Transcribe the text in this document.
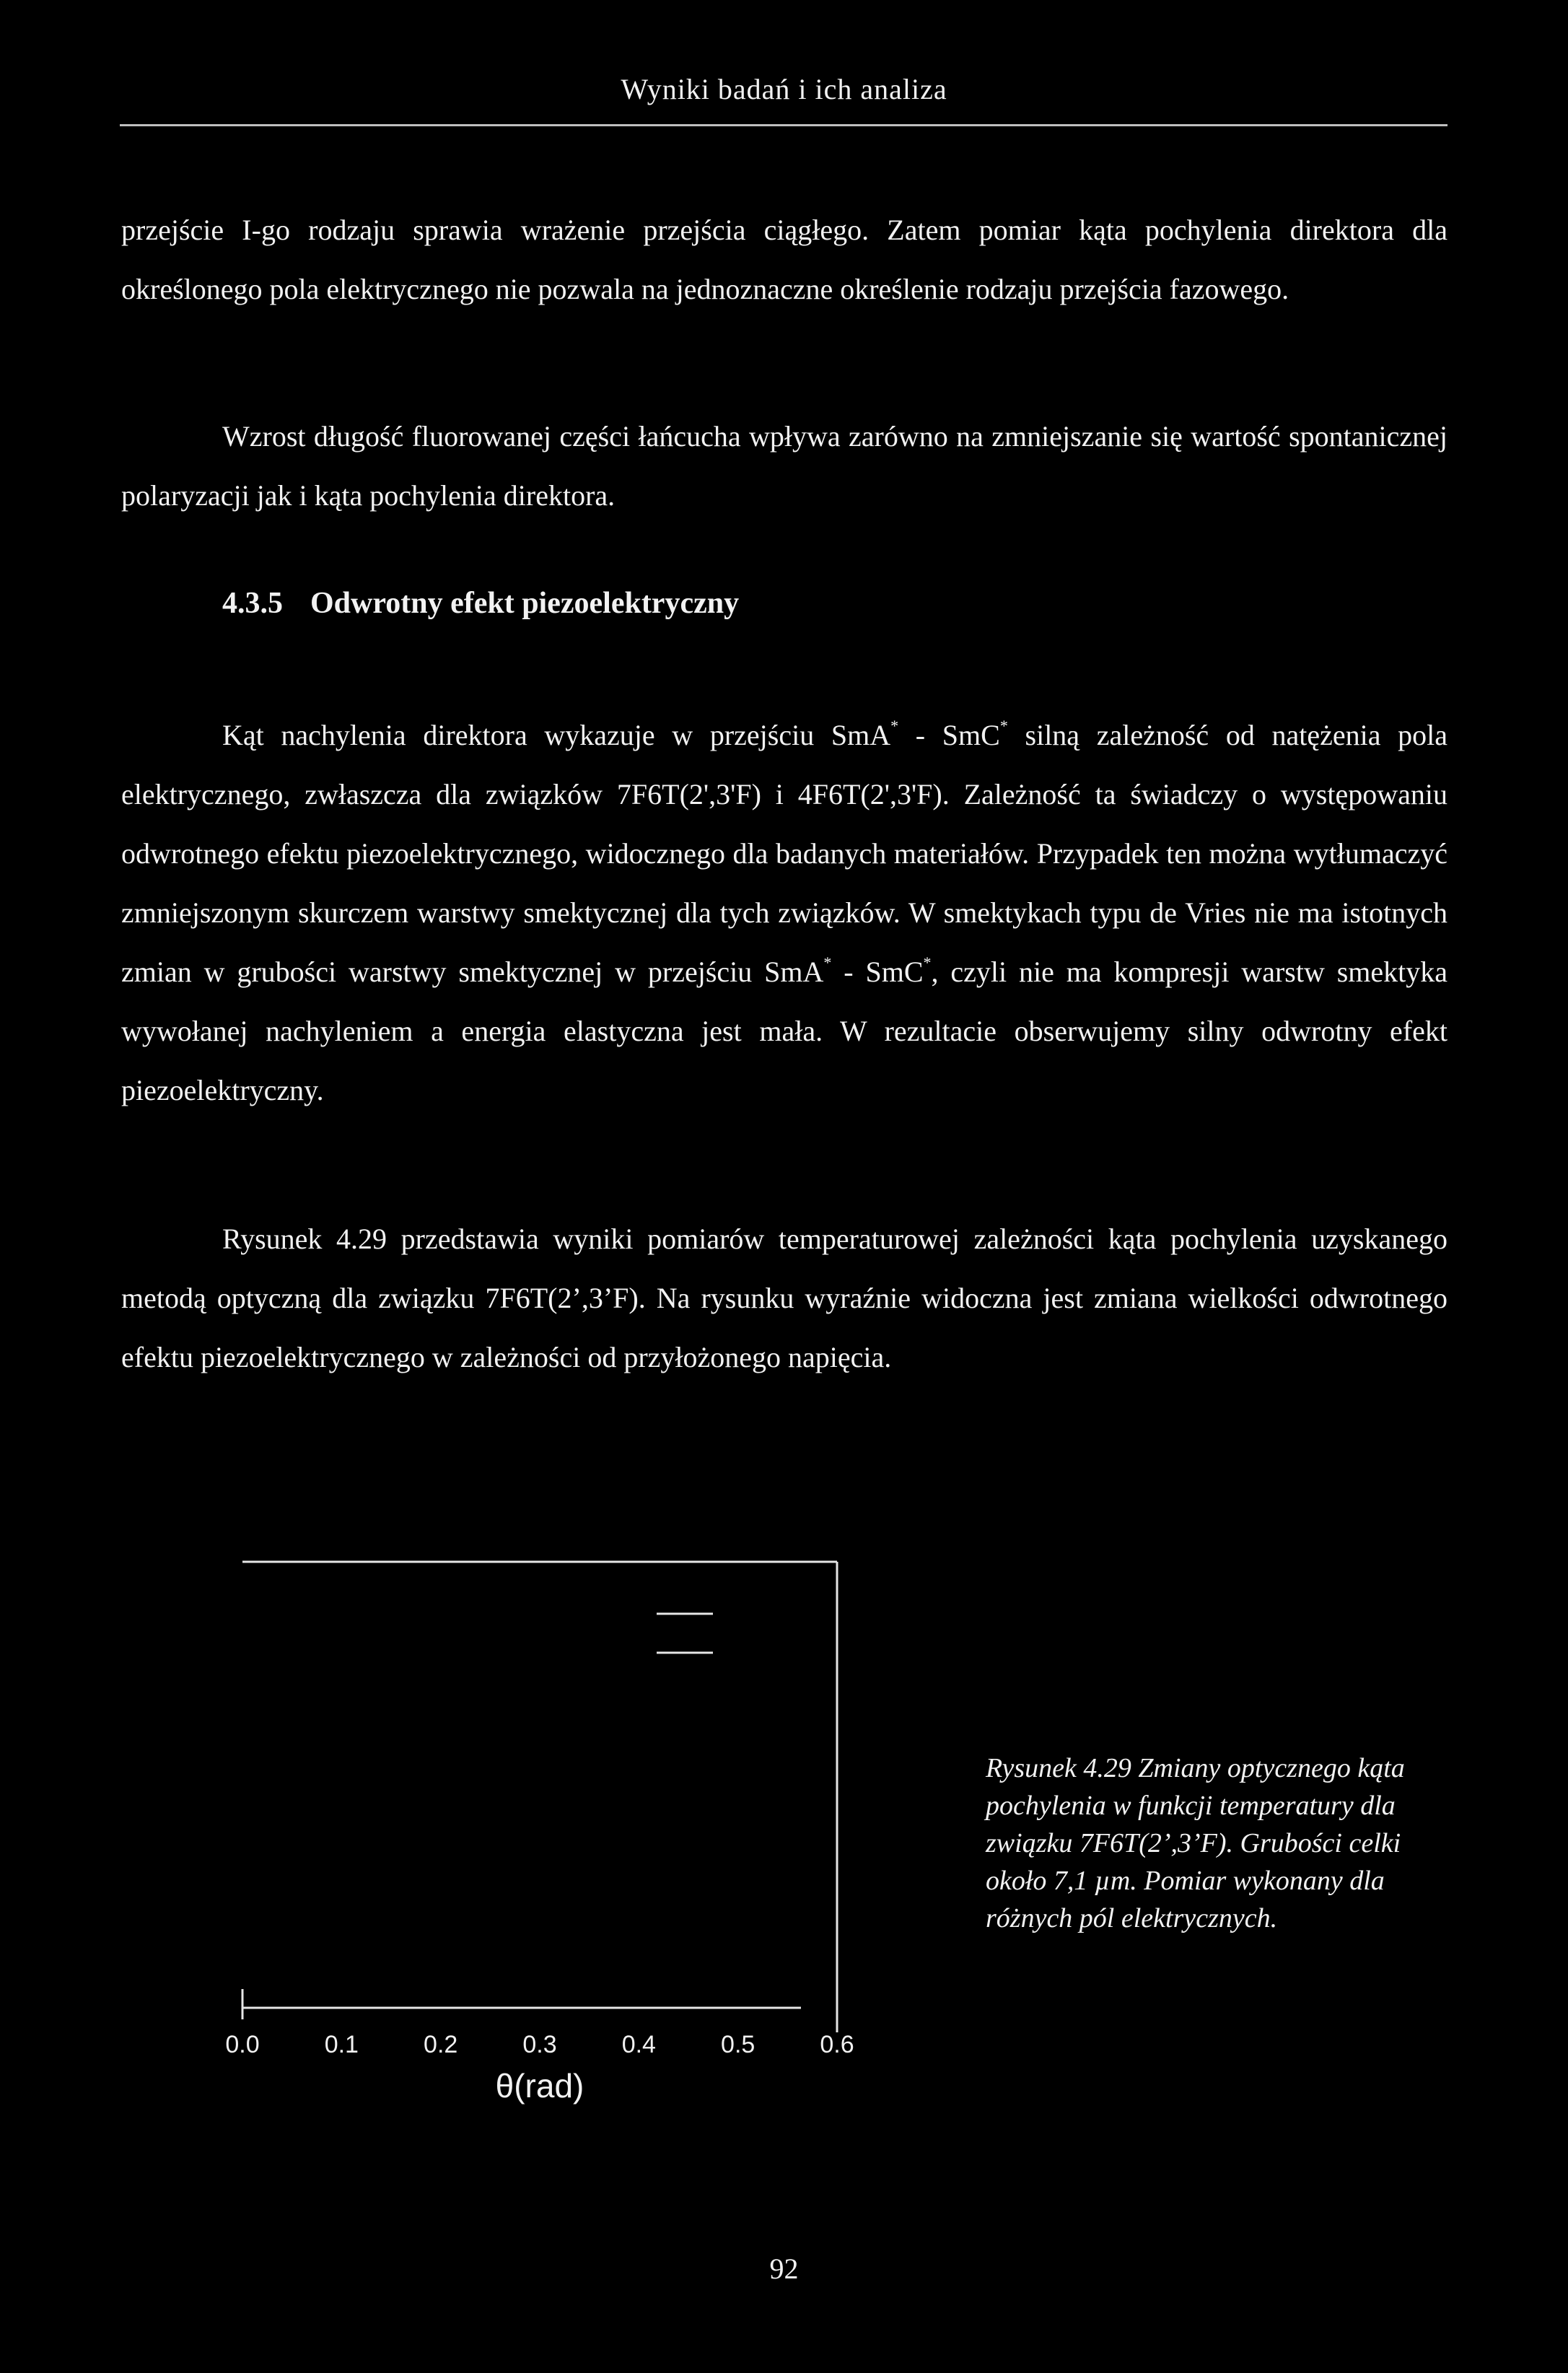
Wyniki badań i ich analiza
przejście I-go rodzaju sprawia wrażenie przejścia ciągłego. Zatem pomiar kąta pochylenia direktora dla określonego pola elektrycznego nie pozwala na jednoznaczne określenie rodzaju przejścia fazowego.
Wzrost długość fluorowanej części łańcucha wpływa zarówno na zmniejszanie się wartość spontanicznej polaryzacji jak i kąta pochylenia direktora.
4.3.5 Odwrotny efekt piezoelektryczny
Kąt nachylenia direktora wykazuje w przejściu SmA* - SmC* silną zależność od natężenia pola elektrycznego, zwłaszcza dla związków 7F6T(2',3'F) i 4F6T(2',3'F). Zależność ta świadczy o występowaniu odwrotnego efektu piezoelektrycznego, widocznego dla badanych materiałów. Przypadek ten można wytłumaczyć zmniejszonym skurczem warstwy smektycznej dla tych związków. W smektykach typu de Vries nie ma istotnych zmian w grubości warstwy smektycznej w przejściu SmA* - SmC*, czyli nie ma kompresji warstw smektyka wywołanej nachyleniem a energia elastyczna jest mała. W rezultacie obserwujemy silny odwrotny efekt piezoelektryczny.
Rysunek 4.29 przedstawia wyniki pomiarów temperaturowej zależności kąta pochylenia uzyskanego metodą optyczną dla związku 7F6T(2’,3’F). Na rysunku wyraźnie widoczna jest zmiana wielkości odwrotnego efektu piezoelektrycznego w zależności od przyłożonego napięcia.
0.0	0.1	0.2	0.3	0.4	0.5	0.6
θ(rad)
Rysunek 4.29 Zmiany optycznego kąta pochylenia w funkcji temperatury dla związku 7F6T(2’,3’F). Grubości celki około 7,1 µm. Pomiar wykonany dla różnych pól elektrycznych.
92
